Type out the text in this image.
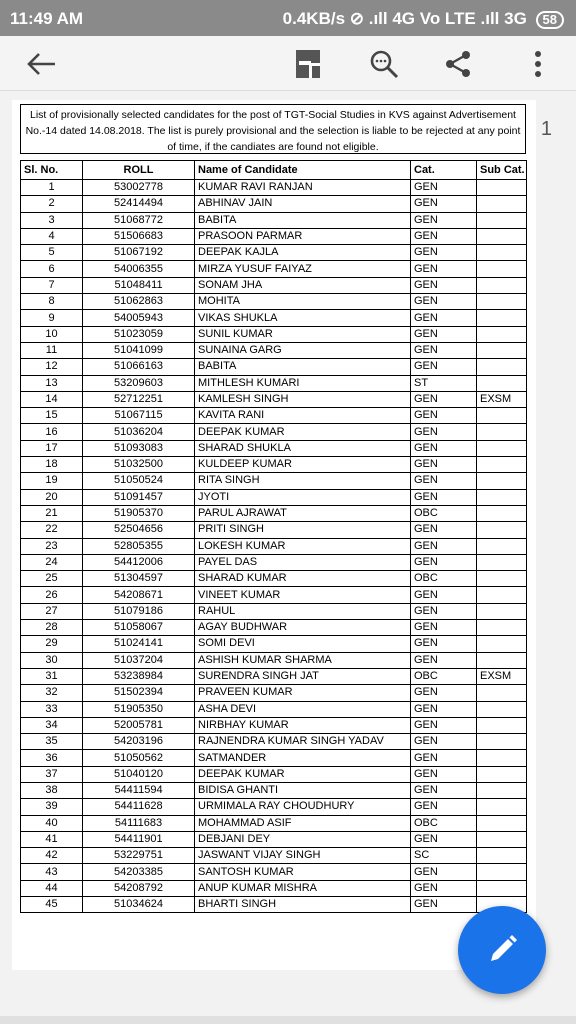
11:49 AM	0.4KB/s ⊘ .ıll 4G Vo LTE .ıll 3G 58
List of provisionally selected candidates for the post of TGT-Social Studies in KVS against Advertisement No.-14 dated 14.08.2018. The list is purely provisional and the selection is liable to be rejected at any point of time, if the candiates are found not eligible.
Sl. No.	ROLL	Name of Candidate	Cat.	Sub Cat.
1	53002778	KUMAR RAVI RANJAN	GEN	
2	52414494	ABHINAV JAIN	GEN	
3	51068772	BABITA	GEN	
4	51506683	PRASOON PARMAR	GEN	
5	51067192	DEEPAK KAJLA	GEN	
6	54006355	MIRZA YUSUF FAIYAZ	GEN	
7	51048411	SONAM JHA	GEN	
8	51062863	MOHITA	GEN	
9	54005943	VIKAS SHUKLA	GEN	
10	51023059	SUNIL KUMAR	GEN	
11	51041099	SUNAINA GARG	GEN	
12	51066163	BABITA	GEN	
13	53209603	MITHLESH KUMARI	ST	
14	52712251	KAMLESH SINGH	GEN	EXSM
15	51067115	KAVITA RANI	GEN	
16	51036204	DEEPAK KUMAR	GEN	
17	51093083	SHARAD SHUKLA	GEN	
18	51032500	KULDEEP KUMAR	GEN	
19	51050524	RITA SINGH	GEN	
20	51091457	JYOTI	GEN	
21	51905370	PARUL AJRAWAT	OBC	
22	52504656	PRITI SINGH	GEN	
23	52805355	LOKESH KUMAR	GEN	
24	54412006	PAYEL DAS	GEN	
25	51304597	SHARAD KUMAR	OBC	
26	54208671	VINEET KUMAR	GEN	
27	51079186	RAHUL	GEN	
28	51058067	AGAY BUDHWAR	GEN	
29	51024141	SOMI DEVI	GEN	
30	51037204	ASHISH KUMAR SHARMA	GEN	
31	53238984	SURENDRA SINGH JAT	OBC	EXSM
32	51502394	PRAVEEN KUMAR	GEN	
33	51905350	ASHA DEVI	GEN	
34	52005781	NIRBHAY KUMAR	GEN	
35	54203196	RAJNENDRA KUMAR SINGH YADAV	GEN	
36	51050562	SATMANDER	GEN	
37	51040120	DEEPAK KUMAR	GEN	
38	54411594	BIDISA GHANTI	GEN	
39	54411628	URMIMALA RAY CHOUDHURY	GEN	
40	54111683	MOHAMMAD ASIF	OBC	
41	54411901	DEBJANI DEY	GEN	
42	53229751	JASWANT VIJAY SINGH	SC	
43	54203385	SANTOSH KUMAR	GEN	
44	54208792	ANUP KUMAR MISHRA	GEN	
45	51034624	BHARTI SINGH	GEN	
1
